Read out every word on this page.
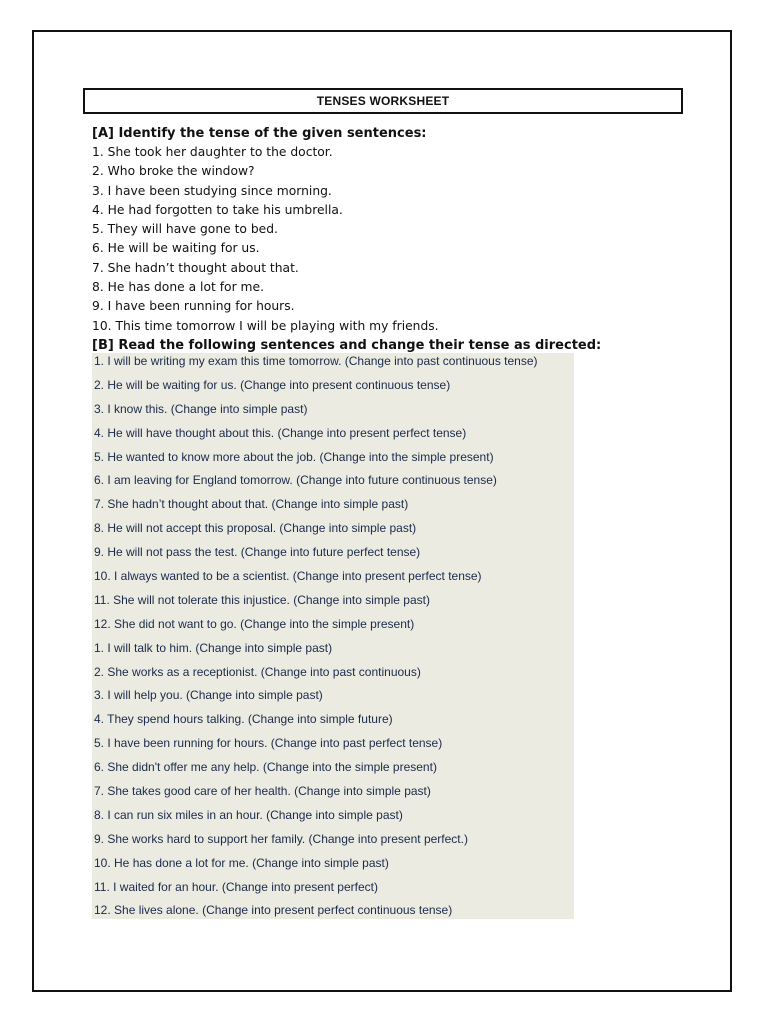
TENSES WORKSHEET
[A] Identify the tense of the given sentences:
1. She took her daughter to the doctor.
2. Who broke the window?
3. I have been studying since morning.
4. He had forgotten to take his umbrella.
5. They will have gone to bed.
6. He will be waiting for us.
7. She hadn’t thought about that.
8. He has done a lot for me.
9. I have been running for hours.
10. This time tomorrow I will be playing with my friends.
[B] Read the following sentences and change their tense as directed:
1. I will be writing my exam this time tomorrow. (Change into past continuous tense)
2. He will be waiting for us. (Change into present continuous tense)
3. I know this. (Change into simple past)
4. He will have thought about this. (Change into present perfect tense)
5. He wanted to know more about the job. (Change into the simple present)
6. I am leaving for England tomorrow. (Change into future continuous tense)
7. She hadn’t thought about that. (Change into simple past)
8. He will not accept this proposal. (Change into simple past)
9. He will not pass the test. (Change into future perfect tense)
10. I always wanted to be a scientist. (Change into present perfect tense)
11. She will not tolerate this injustice. (Change into simple past)
12. She did not want to go. (Change into the simple present)
1. I will talk to him. (Change into simple past)
2. She works as a receptionist. (Change into past continuous)
3. I will help you. (Change into simple past)
4. They spend hours talking. (Change into simple future)
5. I have been running for hours. (Change into past perfect tense)
6. She didn't offer me any help. (Change into the simple present)
7. She takes good care of her health. (Change into simple past)
8. I can run six miles in an hour. (Change into simple past)
9. She works hard to support her family. (Change into present perfect.)
10. He has done a lot for me. (Change into simple past)
11. I waited for an hour. (Change into present perfect)
12. She lives alone. (Change into present perfect continuous tense)
